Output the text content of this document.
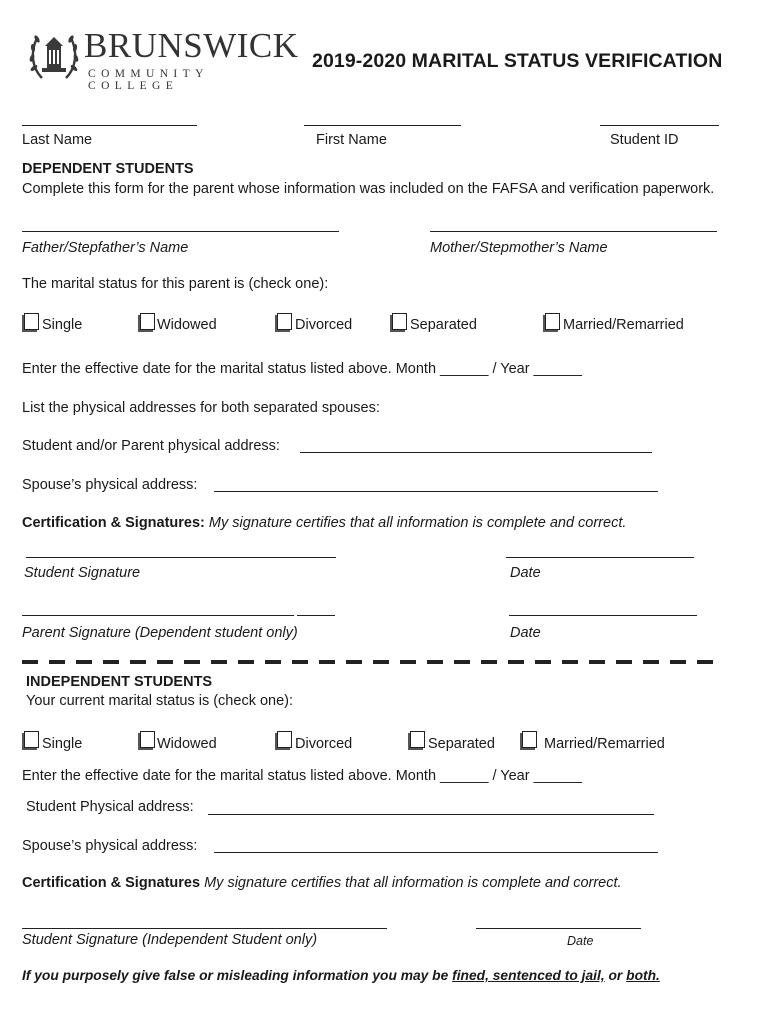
BRUNSWICK
COMMUNITY COLLEGE
2019-2020 MARITAL STATUS VERIFICATION
Last Name	First Name	Student ID
DEPENDENT STUDENTS
Complete this form for the parent whose information was included on the FAFSA and verification paperwork.
Father/Stepfather’s Name	Mother/Stepmother’s Name
The marital status for this parent is (check one):
Single	Widowed	Divorced	Separated	Married/Remarried
Enter the effective date for the marital status listed above. Month ______ / Year ______
List the physical addresses for both separated spouses:
Student and/or Parent physical address:
Spouse’s physical address:
Certification & Signatures: My signature certifies that all information is complete and correct.
Student Signature	Date
Parent Signature (Dependent student only)	Date
INDEPENDENT STUDENTS
Your current marital status is (check one):
Single	Widowed	Divorced	Separated	Married/Remarried
Enter the effective date for the marital status listed above. Month ______ / Year ______
Student Physical address:
Spouse’s physical address:
Certification & Signatures My signature certifies that all information is complete and correct.
Student Signature (Independent Student only)	Date
If you purposely give false or misleading information you may be fined, sentenced to jail, or both.
